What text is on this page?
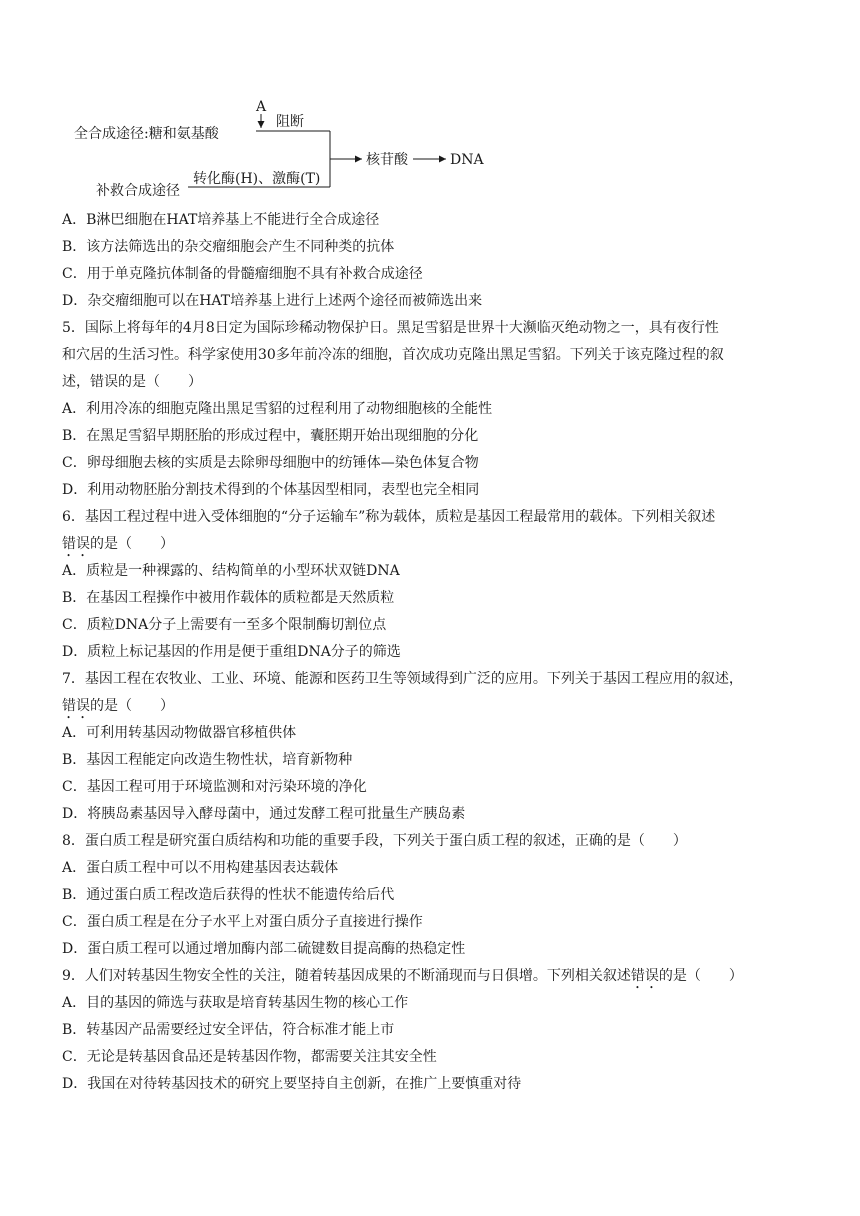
A
阻断
全合成途径:糖和氨基酸
核苷酸	DNA
转化酶(H)、激酶(T)
补救合成途径
A．B淋巴细胞在HAT培养基上不能进行全合成途径
B．该方法筛选出的杂交瘤细胞会产生不同种类的抗体
C．用于单克隆抗体制备的骨髓瘤细胞不具有补救合成途径
D．杂交瘤细胞可以在HAT培养基上进行上述两个途径而被筛选出来
5．国际上将每年的4月8日定为国际珍稀动物保护日。黑足雪貂是世界十大濒临灭绝动物之一，具有夜行性
和穴居的生活习性。科学家使用30多年前冷冻的细胞，首次成功克隆出黑足雪貂。下列关于该克隆过程的叙
述，错误的是（　　）
A．利用冷冻的细胞克隆出黑足雪貂的过程利用了动物细胞核的全能性
B．在黑足雪貂早期胚胎的形成过程中，囊胚期开始出现细胞的分化
C．卵母细胞去核的实质是去除卵母细胞中的纺锤体—染色体复合物
D．利用动物胚胎分割技术得到的个体基因型相同，表型也完全相同
6．基因工程过程中进入受体细胞的“分子运输车”称为载体，质粒是基因工程最常用的载体。下列相关叙述
错误的是（　　）
A．质粒是一种裸露的、结构简单的小型环状双链DNA
B．在基因工程操作中被用作载体的质粒都是天然质粒
C．质粒DNA分子上需要有一至多个限制酶切割位点
D．质粒上标记基因的作用是便于重组DNA分子的筛选
7．基因工程在农牧业、工业、环境、能源和医药卫生等领域得到广泛的应用。下列关于基因工程应用的叙述，
错误的是（　　）
A．可利用转基因动物做器官移植供体
B．基因工程能定向改造生物性状，培育新物种
C．基因工程可用于环境监测和对污染环境的净化
D．将胰岛素基因导入酵母菌中，通过发酵工程可批量生产胰岛素
8．蛋白质工程是研究蛋白质结构和功能的重要手段，下列关于蛋白质工程的叙述，正确的是（　　）
A．蛋白质工程中可以不用构建基因表达载体
B．通过蛋白质工程改造后获得的性状不能遗传给后代
C．蛋白质工程是在分子水平上对蛋白质分子直接进行操作
D．蛋白质工程可以通过增加酶内部二硫键数目提高酶的热稳定性
9．人们对转基因生物安全性的关注，随着转基因成果的不断涌现而与日俱增。下列相关叙述错误的是（　　）
A．目的基因的筛选与获取是培育转基因生物的核心工作
B．转基因产品需要经过安全评估，符合标准才能上市
C．无论是转基因食品还是转基因作物，都需要关注其安全性
D．我国在对待转基因技术的研究上要坚持自主创新，在推广上要慎重对待
